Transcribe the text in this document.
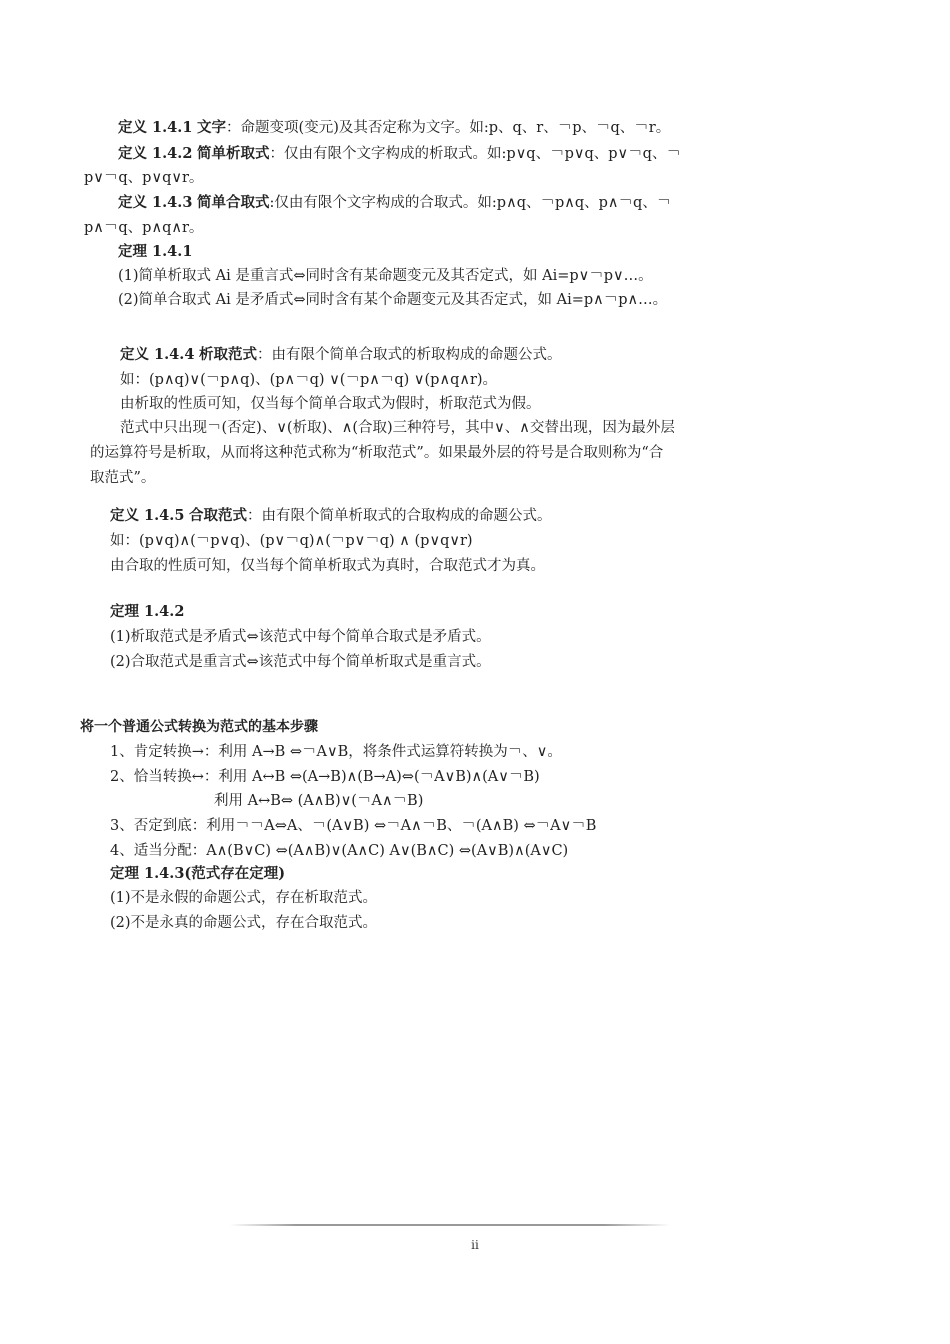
定义 1.4.1 文字：命题变项(变元)及其否定称为文字。如:p、q、r、￢p、￢q、￢r。
定义 1.4.2 简单析取式：仅由有限个文字构成的析取式。如:p∨q、￢p∨q、p∨￢q、￢
p∨￢q、p∨q∨r。
定义 1.4.3 简单合取式:仅由有限个文字构成的合取式。如:p∧q、￢p∧q、p∧￢q、￢
p∧￢q、p∧q∧r。
定理 1.4.1
(1)简单析取式 Ai 是重言式⇔同时含有某命题变元及其否定式，如 Ai=p∨￢p∨…。
(2)简单合取式 Ai 是矛盾式⇔同时含有某个命题变元及其否定式，如 Ai=p∧￢p∧…。
定义 1.4.4 析取范式：由有限个简单合取式的析取构成的命题公式。
如：(p∧q)∨(￢p∧q)、(p∧￢q) ∨(￢p∧￢q) ∨(p∧q∧r)。
由析取的性质可知，仅当每个简单合取式为假时，析取范式为假。
范式中只出现￢(否定)、∨(析取)、∧(合取)三种符号，其中∨、∧交替出现，因为最外层
的运算符号是析取，从而将这种范式称为“析取范式”。如果最外层的符号是合取则称为“合
取范式”。
定义 1.4.5 合取范式：由有限个简单析取式的合取构成的命题公式。
如：(p∨q)∧(￢p∨q)、(p∨￢q)∧(￢p∨￢q) ∧ (p∨q∨r)
由合取的性质可知，仅当每个简单析取式为真时，合取范式才为真。
定理 1.4.2
(1)析取范式是矛盾式⇔该范式中每个简单合取式是矛盾式。
(2)合取范式是重言式⇔该范式中每个简单析取式是重言式。
将一个普通公式转换为范式的基本步骤
1、肯定转换→：利用 A→B ⇔￢A∨B，将条件式运算符转换为￢、∨。
2、恰当转换↔：利用 A↔B ⇔(A→B)∧(B→A)⇔(￢A∨B)∧(A∨￢B)
利用 A↔B⇔ (A∧B)∨(￢A∧￢B)
3、否定到底：利用￢￢A⇔A、￢(A∨B) ⇔￢A∧￢B、￢(A∧B) ⇔￢A∨￢B
4、适当分配：A∧(B∨C) ⇔(A∧B)∨(A∧C) A∨(B∧C) ⇔(A∨B)∧(A∨C)
定理 1.4.3(范式存在定理)
(1)不是永假的命题公式，存在析取范式。
(2)不是永真的命题公式，存在合取范式。
ii
